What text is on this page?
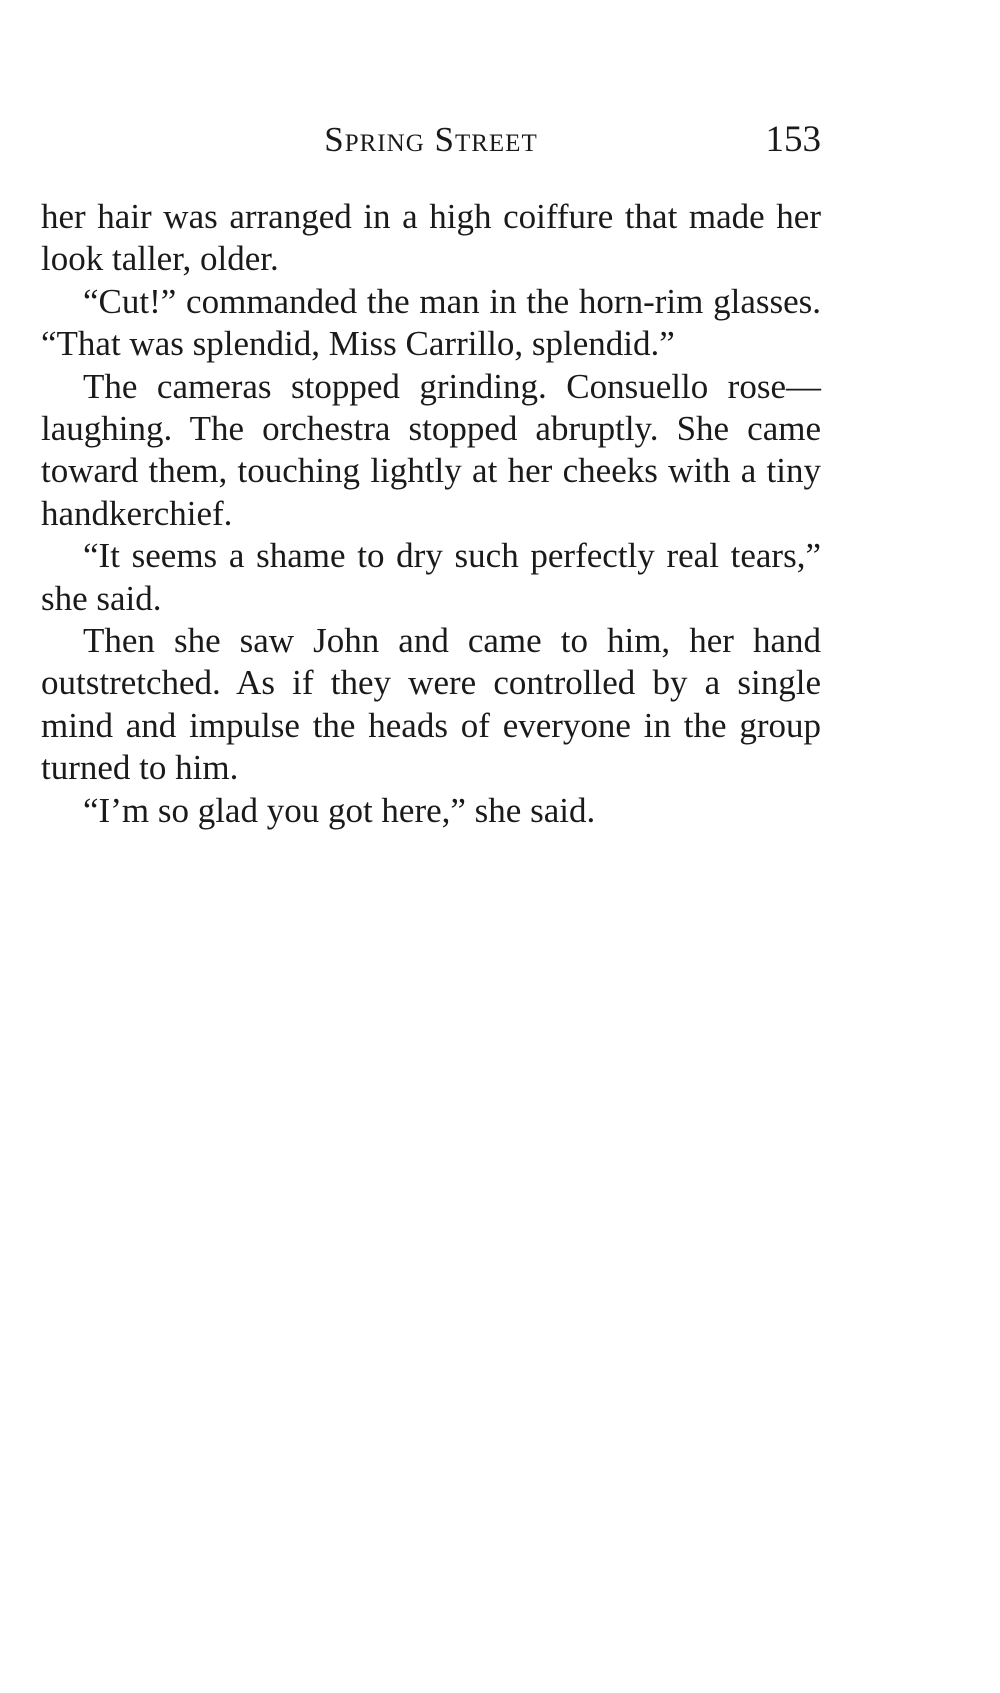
Spring Street	153

her hair was arranged in a high coiffure that made her look taller, older.

“Cut!” commanded the man in the horn-rim glasses. “That was splendid, Miss Carrillo, splendid.”

The cameras stopped grinding. Consuello rose—laughing. The orchestra stopped abruptly. She came toward them, touching lightly at her cheeks with a tiny handkerchief.

“It seems a shame to dry such perfectly real tears,” she said.

Then she saw John and came to him, her hand outstretched. As if they were controlled by a single mind and impulse the heads of everyone in the group turned to him.

“I’m so glad you got here,” she said.
